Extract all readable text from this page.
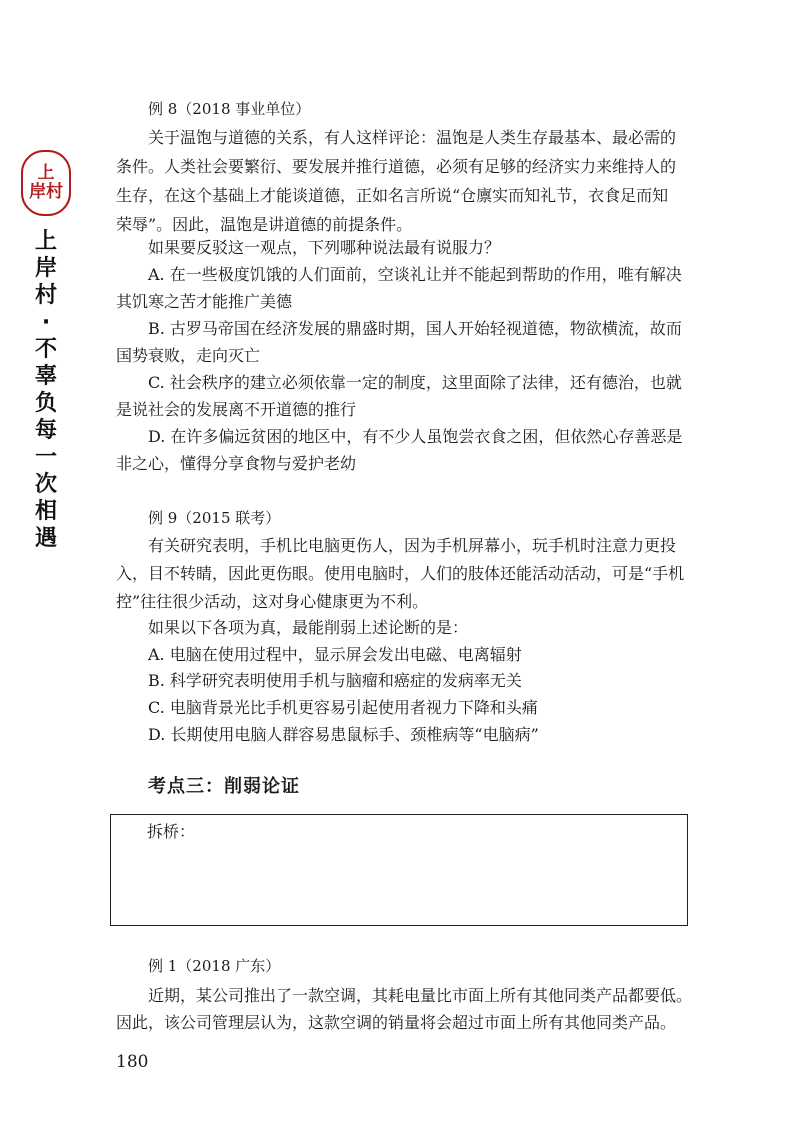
上
岸村
上
岸
村
·
不
辜
负
每
一
次
相
遇
例 8（2018 事业单位）
关于温饱与道德的关系，有人这样评论：温饱是人类生存最基本、最必需的
条件。人类社会要繁衍、要发展并推行道德，必须有足够的经济实力来维持人的
生存，在这个基础上才能谈道德，正如名言所说“仓廪实而知礼节，衣食足而知
荣辱”。因此，温饱是讲道德的前提条件。
如果要反驳这一观点，下列哪种说法最有说服力？
A. 在一些极度饥饿的人们面前，空谈礼让并不能起到帮助的作用，唯有解决
其饥寒之苦才能推广美德
B. 古罗马帝国在经济发展的鼎盛时期，国人开始轻视道德，物欲横流，故而
国势衰败，走向灭亡
C. 社会秩序的建立必须依靠一定的制度，这里面除了法律，还有德治，也就
是说社会的发展离不开道德的推行
D. 在许多偏远贫困的地区中，有不少人虽饱尝衣食之困，但依然心存善恶是
非之心，懂得分享食物与爱护老幼
例 9（2015 联考）
有关研究表明，手机比电脑更伤人，因为手机屏幕小，玩手机时注意力更投
入，目不转睛，因此更伤眼。使用电脑时，人们的肢体还能活动活动，可是“手机
控”往往很少活动，这对身心健康更为不利。
如果以下各项为真，最能削弱上述论断的是：
A. 电脑在使用过程中，显示屏会发出电磁、电离辐射
B. 科学研究表明使用手机与脑瘤和癌症的发病率无关
C. 电脑背景光比手机更容易引起使用者视力下降和头痛
D. 长期使用电脑人群容易患鼠标手、颈椎病等“电脑病”
考点三：削弱论证
例 1（2018 广东）
近期，某公司推出了一款空调，其耗电量比市面上所有其他同类产品都要低。
因此，该公司管理层认为，这款空调的销量将会超过市面上所有其他同类产品。
拆桥：
180
